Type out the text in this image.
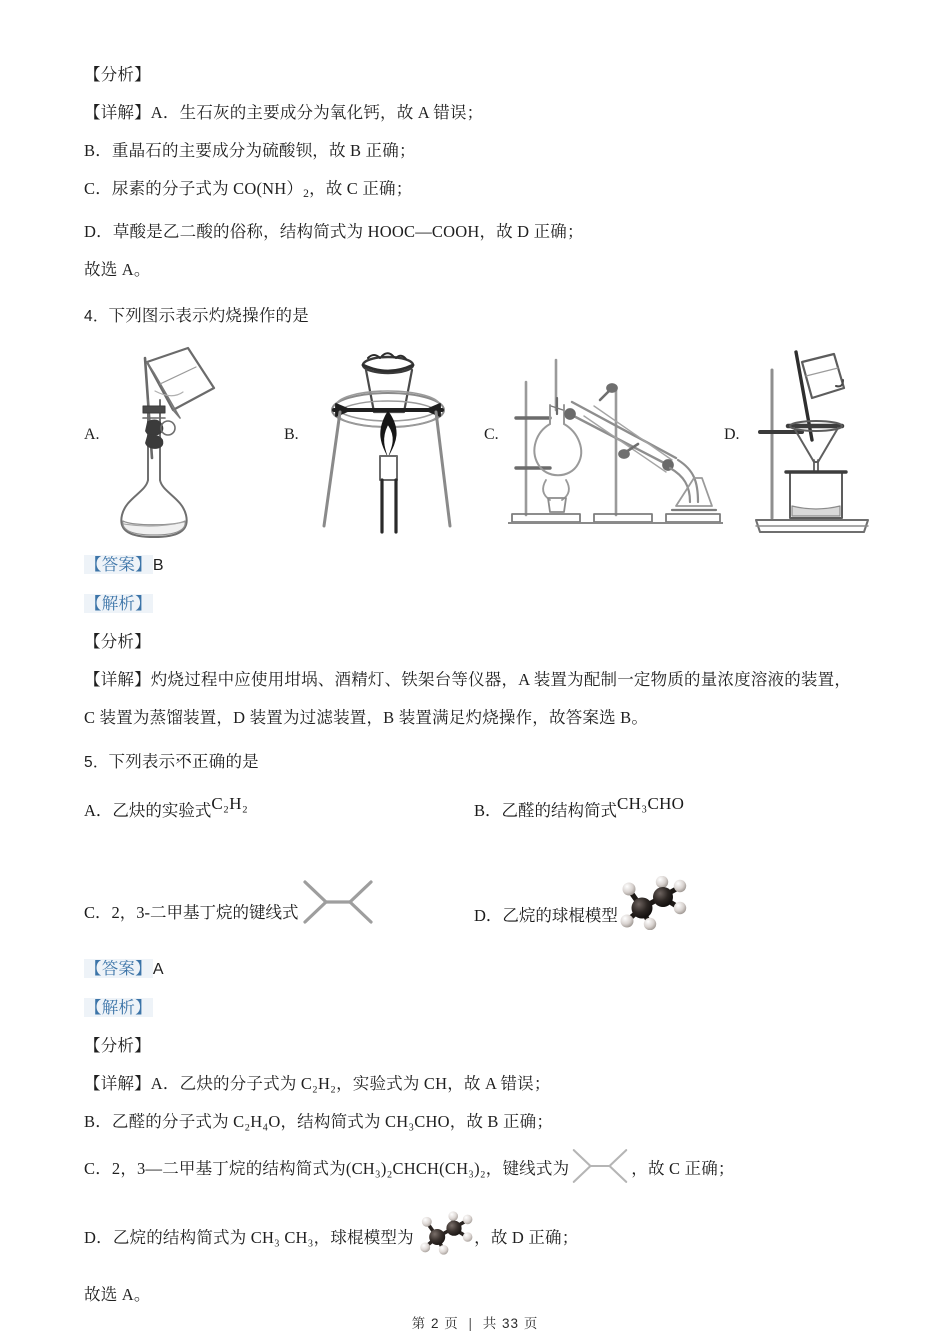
【分析】
【详解】A．生石灰的主要成分为氧化钙，故 A 错误；
B．重晶石的主要成分为硫酸钡，故 B 正确；
C．尿素的分子式为 $CO(NH)_2$，故 C 正确；
D．草酸是乙二酸的俗称，结构简式为 HOOC—COOH，故 D 正确；
故选 A。
4．下列图示表示灼烧操作的是
A.	B.	C.	D.
【答案】B
【解析】
【分析】
【详解】灼烧过程中应使用坩埚、酒精灯、铁架台等仪器，A 装置为配制一定物质的量浓度溶液的装置，
C 装置为蒸馏装置，D 装置为过滤装置，B 装置满足灼烧操作，故答案选 B。
5．下列表示不正确 •••的是
A．乙炔的实验式C₂H₂	B．乙醛的结构简式CH₃CHO
C．2，3-二甲基丁烷的键线式	D．乙烷的球棍模型
【答案】A
【解析】
【分析】
【详解】A．乙炔的分子式为 C₂H₂，实验式为 CH，故 A 错误；
B．乙醛的分子式为 C₂H₄O，结构简式为 CH₃CHO，故 B 正确；
C．2，3—二甲基丁烷的结构简式为(CH₃)₂CHCH(CH₃)₂，键线式为	，故 C 正确；
D．乙烷的结构简式为 CH₃ CH₃，球棍模型为	，故 D 正确；
故选 A。
第 2 页 | 共 33 页
